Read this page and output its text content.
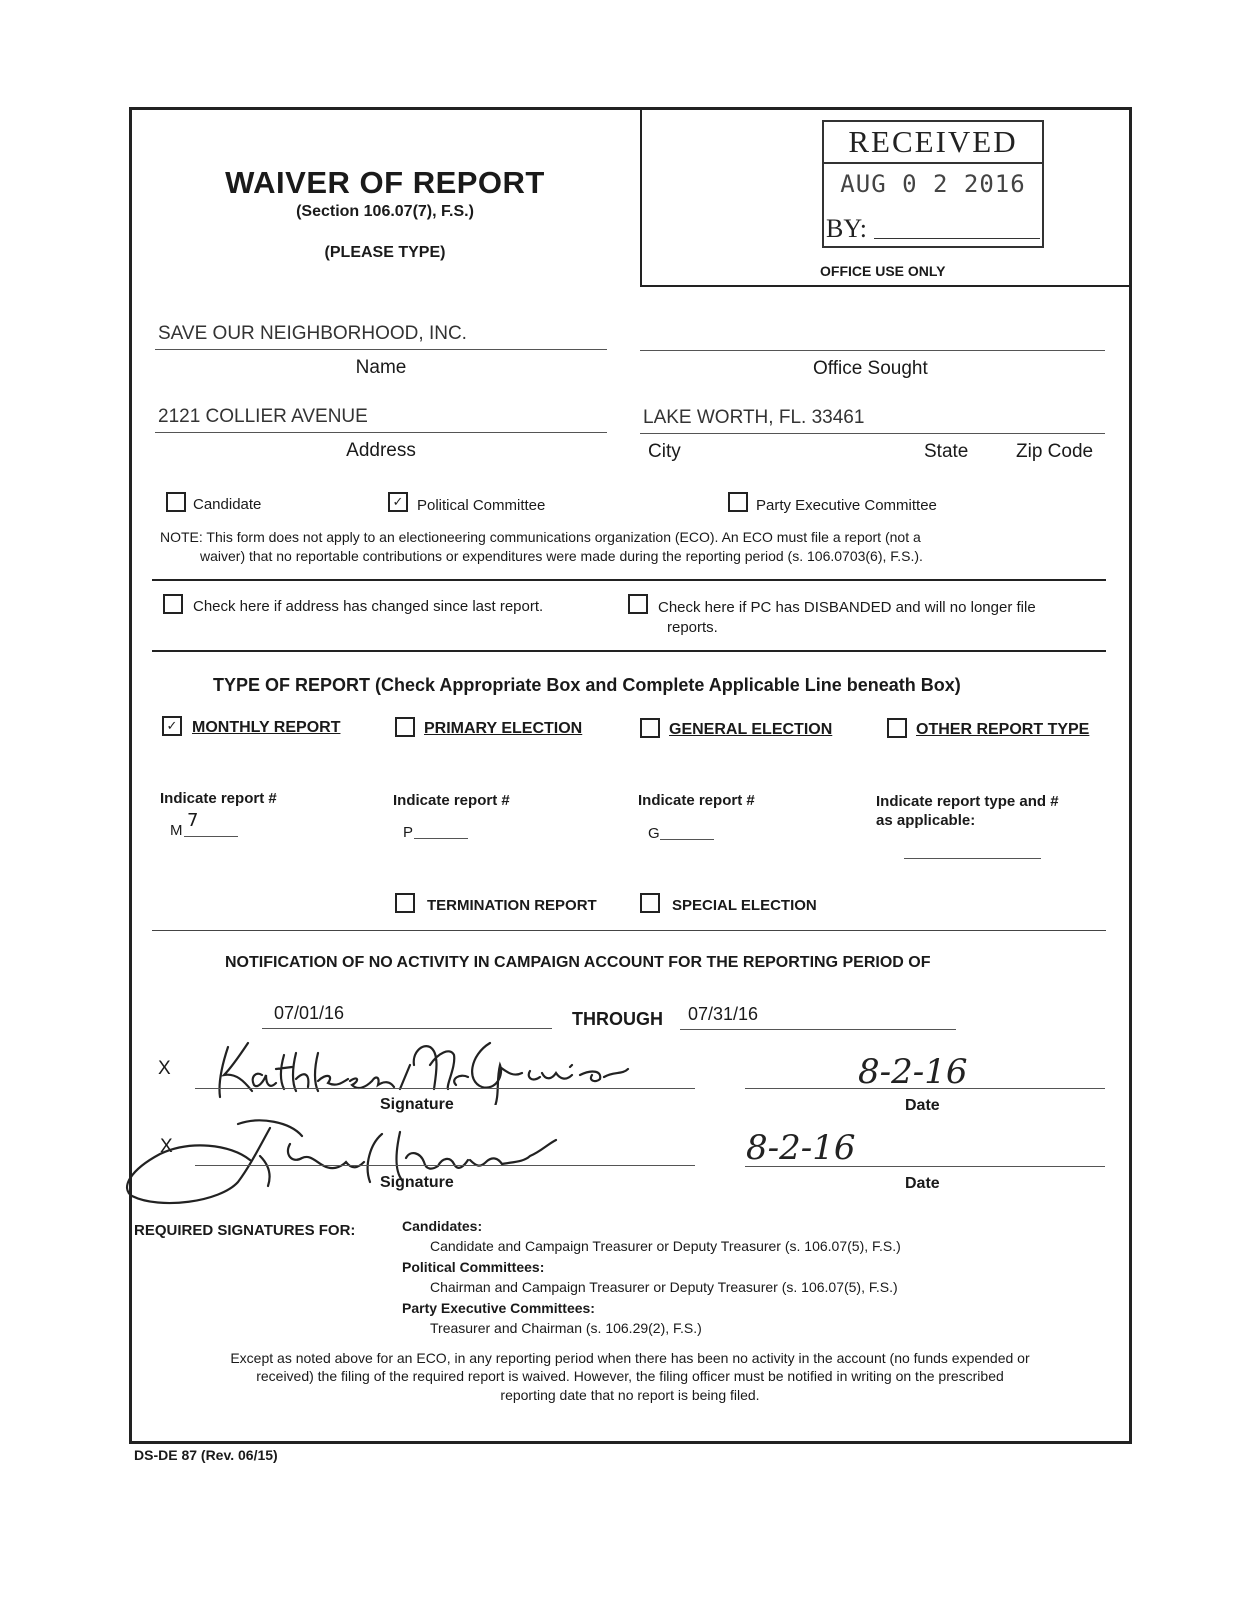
WAIVER OF REPORT
(Section 106.07(7), F.S.)
(PLEASE TYPE)
RECEIVED
AUG 0 2 2016
BY:
OFFICE USE ONLY
SAVE OUR NEIGHBORHOOD, INC.
Name	Office Sought
2121 COLLIER AVENUE
Address
LAKE WORTH, FL. 33461
City	State	Zip Code
Candidate	✓ Political Committee	Party Executive Committee
NOTE: This form does not apply to an electioneering communications organization (ECO). An ECO must file a report (not a
waiver) that no reportable contributions or expenditures were made during the reporting period (s. 106.0703(6), F.S.).
Check here if address has changed since last report.	Check here if PC has DISBANDED and will no longer file
reports.
TYPE OF REPORT (Check Appropriate Box and Complete Applicable Line beneath Box)
✓ MONTHLY REPORT	PRIMARY ELECTION	GENERAL ELECTION	OTHER REPORT TYPE
Indicate report #
M 7
Indicate report #
P
Indicate report #
G
Indicate report type and #
as applicable:
TERMINATION REPORT	SPECIAL ELECTION
NOTIFICATION OF NO ACTIVITY IN CAMPAIGN ACCOUNT FOR THE REPORTING PERIOD OF
07/01/16	THROUGH 07/31/16
X
Signature
8-2-16
Date
X
Signature
8-2-16
Date
REQUIRED SIGNATURES FOR:	Candidates:
Candidate and Campaign Treasurer or Deputy Treasurer (s. 106.07(5), F.S.)
Political Committees:
Chairman and Campaign Treasurer or Deputy Treasurer (s. 106.07(5), F.S.)
Party Executive Committees:
Treasurer and Chairman (s. 106.29(2), F.S.)
Except as noted above for an ECO, in any reporting period when there has been no activity in the account (no funds expended or
received) the filing of the required report is waived. However, the filing officer must be notified in writing on the prescribed
reporting date that no report is being filed.
DS-DE 87 (Rev. 06/15)
